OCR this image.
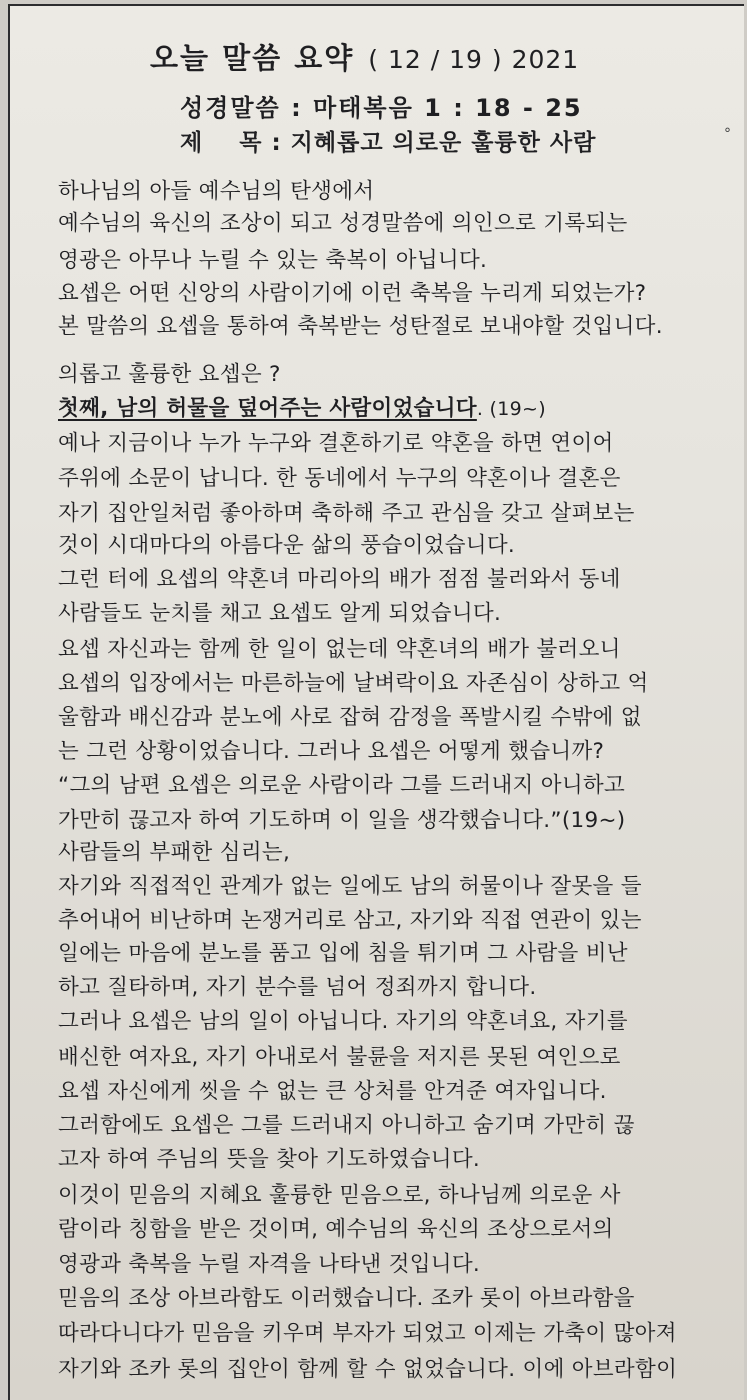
오늘 말씀 요약 ( 12 / 19 ) 2021
성경말씀 : 마태복음 1 : 18 - 25
제    목 : 지혜롭고 의로운 훌륭한 사람	°
하나님의 아들 예수님의 탄생에서
예수님의 육신의 조상이 되고 성경말씀에 의인으로 기록되는
영광은 아무나 누릴 수 있는 축복이 아닙니다.
요셉은 어떤 신앙의 사람이기에 이런 축복을 누리게 되었는가?
본 말씀의 요셉을 통하여 축복받는 성탄절로 보내야할 것입니다.
의롭고 훌륭한 요셉은 ?
첫째, 남의 허물을 덮어주는 사람이었습니다. (19~)
예나 지금이나 누가 누구와 결혼하기로 약혼을 하면 연이어
주위에 소문이 납니다. 한 동네에서 누구의 약혼이나 결혼은
자기 집안일처럼 좋아하며 축하해 주고 관심을 갖고 살펴보는
것이 시대마다의 아름다운 삶의 풍습이었습니다.
그런 터에 요셉의 약혼녀 마리아의 배가 점점 불러와서 동네
사람들도 눈치를 채고 요셉도 알게 되었습니다.
요셉 자신과는 함께 한 일이 없는데 약혼녀의 배가 불러오니
요셉의 입장에서는 마른하늘에 날벼락이요 자존심이 상하고 억
울함과 배신감과 분노에 사로 잡혀 감정을 폭발시킬 수밖에 없
는 그런 상황이었습니다. 그러나 요셉은 어떻게 했습니까?
“그의 남편 요셉은 의로운 사람이라 그를 드러내지 아니하고
가만히 끊고자 하여 기도하며 이 일을 생각했습니다.”(19~)
사람들의 부패한 심리는,
자기와 직접적인 관계가 없는 일에도 남의 허물이나 잘못을 들
추어내어 비난하며 논쟁거리로 삼고, 자기와 직접 연관이 있는
일에는 마음에 분노를 품고 입에 침을 튀기며 그 사람을 비난
하고 질타하며, 자기 분수를 넘어 정죄까지 합니다.
그러나 요셉은 남의 일이 아닙니다. 자기의 약혼녀요, 자기를
배신한 여자요, 자기 아내로서 불륜을 저지른 못된 여인으로
요셉 자신에게 씻을 수 없는 큰 상처를 안겨준 여자입니다.
그러함에도 요셉은 그를 드러내지 아니하고 숨기며 가만히 끊
고자 하여 주님의 뜻을 찾아 기도하였습니다.
이것이 믿음의 지혜요 훌륭한 믿음으로, 하나님께 의로운 사
람이라 칭함을 받은 것이며, 예수님의 육신의 조상으로서의
영광과 축복을 누릴 자격을 나타낸 것입니다.
믿음의 조상 아브라함도 이러했습니다. 조카 롯이 아브라함을
따라다니다가 믿음을 키우며 부자가 되었고 이제는 가축이 많아져
자기와 조카 롯의 집안이 함께 할 수 없었습니다. 이에 아브라함이
